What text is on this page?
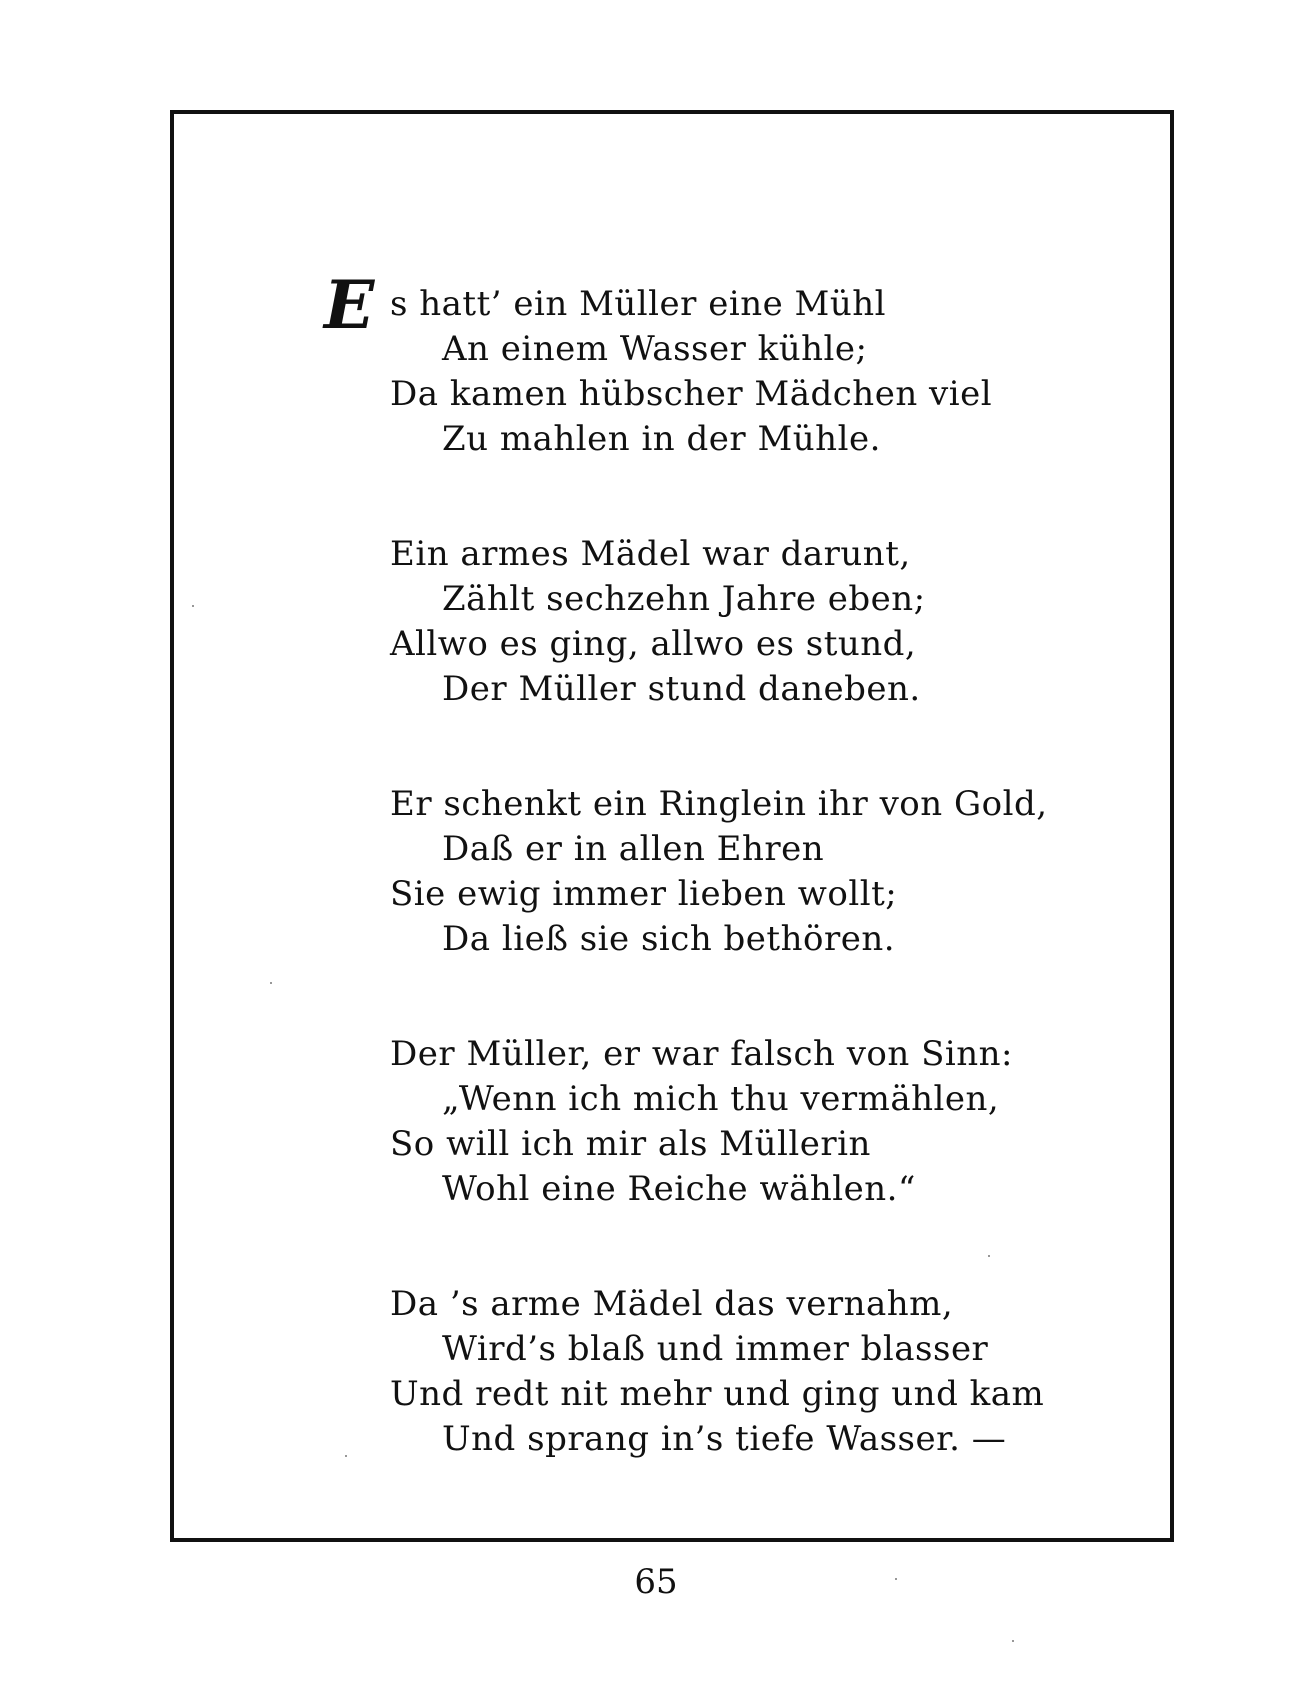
E s hatt’ ein Müller eine Mühl
An einem Wasser kühle;
Da kamen hübscher Mädchen viel
Zu mahlen in der Mühle.
Ein armes Mädel war darunt,
Zählt sechzehn Jahre eben;
Allwo es ging, allwo es stund,
Der Müller stund daneben.
Er schenkt ein Ringlein ihr von Gold,
Daß er in allen Ehren
Sie ewig immer lieben wollt;
Da ließ sie sich bethören.
Der Müller, er war falsch von Sinn:
„Wenn ich mich thu vermählen,
So will ich mir als Müllerin
Wohl eine Reiche wählen.“
Da ’s arme Mädel das vernahm,
Wird’s blaß und immer blasser
Und redt nit mehr und ging und kam
Und sprang in’s tiefe Wasser. —
65
